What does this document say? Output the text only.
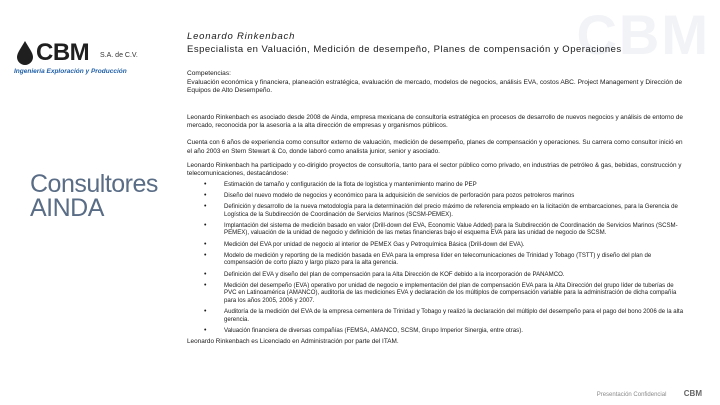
CBM
CBM S.A. de C.V.
Ingeniería Exploración y Producción
Consultores
AINDA
Leonardo Rinkenbach
Especialista en Valuación, Medición de desempeño, Planes de compensación y Operaciones
Competencias:
Evaluación económica y financiera, planeación estratégica, evaluación de mercado, modelos de negocios, análisis EVA, costos ABC. Project Management y Dirección de Equipos de Alto Desempeño.
Leonardo Rinkenbach es asociado desde 2008 de Ainda, empresa mexicana de consultoría estratégica en procesos de desarrollo de nuevos negocios y análisis de entorno de mercado, reconocida por la asesoría a la alta dirección de empresas y organismos públicos.
Cuenta con 6 años de experiencia como consultor externo de valuación, medición de desempeño, planes de compensación y operaciones. Su carrera como consultor inició en el año 2003 en Stern Stewart & Co, donde laboró como analista junior, senior y asociado.
Leonardo Rinkenbach ha participado y co-dirigido proyectos de consultoría, tanto para el sector público como privado, en industrias de petróleo & gas, bebidas, construcción y telecomunicaciones, destacándose:
• Estimación de tamaño y configuración de la flota de logística y mantenimiento marino de PEP
• Diseño del nuevo modelo de negocios y económico para la adquisición de servicios de perforación para pozos petroleros marinos
• Definición y desarrollo de la nueva metodología para la determinación del precio máximo de referencia empleado en la licitación de embarcaciones, para la Gerencia de Logística de la Subdirección de Coordinación de Servicios Marinos (SCSM-PEMEX).
• Implantación del sistema de medición basado en valor (Drill-down del EVA, Economic Value Added) para la Subdirección de Coordinación de Servicios Marinos (SCSM-PEMEX), valuación de la unidad de negocio y definición de las metas financieras bajo el esquema EVA para las unidad de negocio de SCSM.
• Medición del EVA por unidad de negocio al interior de PEMEX Gas y Petroquímica Básica (Drill-down del EVA).
• Modelo de medición y reporting de la medición basada en EVA para la empresa líder en telecomunicaciones de Trinidad y Tobago (TSTT) y diseño del plan de compensación de corto plazo y largo plazo para la alta gerencia.
• Definición del EVA y diseño del plan de compensación para la Alta Dirección de KOF debido a la incorporación de PANAMCO.
• Medición del desempeño (EVA) operativo por unidad de negocio e implementación del plan de compensación EVA para la Alta Dirección del grupo líder de tuberías de PVC en Latinoamérica (AMANCO), auditoría de las mediciones EVA y declaración de los múltiplos de compensación variable para la administración de dicha compañía para los años 2005, 2006 y 2007.
• Auditoría de la medición del EVA de la empresa cementera de Trinidad y Tobago y realizó la declaración del múltiplo del desempeño para el pago del bono 2006 de la alta gerencia.
• Valuación financiera de diversas compañías (FEMSA, AMANCO, SCSM, Grupo Imperior Sinergia, entre otras).
Leonardo Rinkenbach es Licenciado en Administración por parte del ITAM.
Presentación Confidencial CBM
